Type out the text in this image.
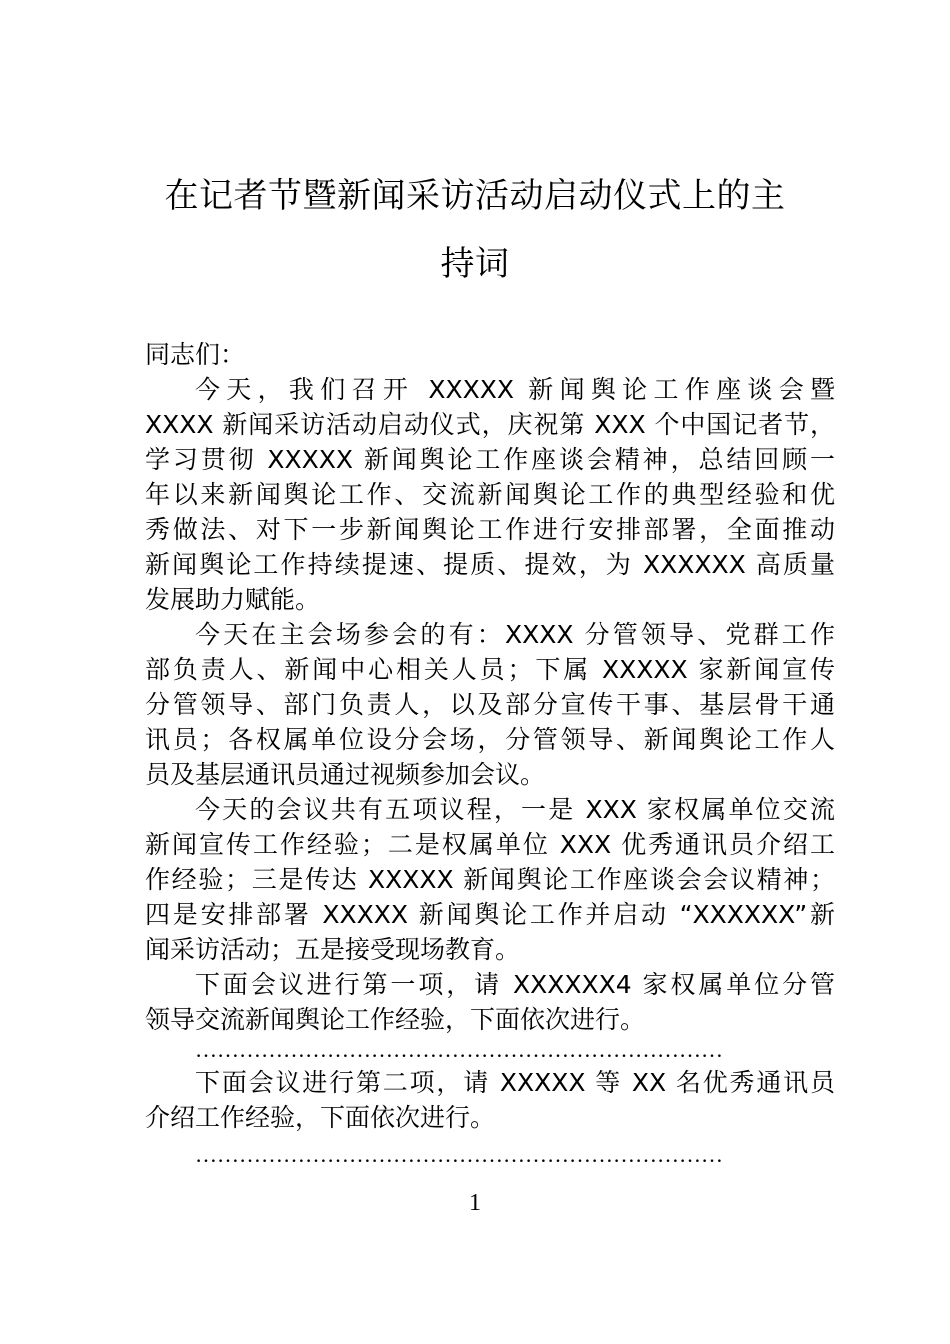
在记者节暨新闻采访活动启动仪式上的主
持词
同志们：
今天，我们召开 XXXXX 新闻舆论工作座谈会暨
XXXX 新闻采访活动启动仪式，庆祝第 XXX 个中国记者节，
学习贯彻 XXXXX 新闻舆论工作座谈会精神，总结回顾一
年以来新闻舆论工作、交流新闻舆论工作的典型经验和优
秀做法、对下一步新闻舆论工作进行安排部署，全面推动
新闻舆论工作持续提速、提质、提效，为 XXXXXX 高质量
发展助力赋能。
今天在主会场参会的有：XXXX 分管领导、党群工作
部负责人、新闻中心相关人员；下属 XXXXX 家新闻宣传
分管领导、部门负责人，以及部分宣传干事、基层骨干通
讯员；各权属单位设分会场，分管领导、新闻舆论工作人
员及基层通讯员通过视频参加会议。
今天的会议共有五项议程，一是 XXX 家权属单位交流
新闻宣传工作经验；二是权属单位 XXX 优秀通讯员介绍工
作经验；三是传达 XXXXX 新闻舆论工作座谈会会议精神；
四是安排部署 XXXXX 新闻舆论工作并启动 “XXXXXX”新
闻采访活动；五是接受现场教育。
下面会议进行第一项，请 XXXXXX4 家权属单位分管
领导交流新闻舆论工作经验，下面依次进行。
下面会议进行第二项，请 XXXXX 等 XX 名优秀通讯员
介绍工作经验，下面依次进行。
………………………………………………………………
………………………………………………………………
1
